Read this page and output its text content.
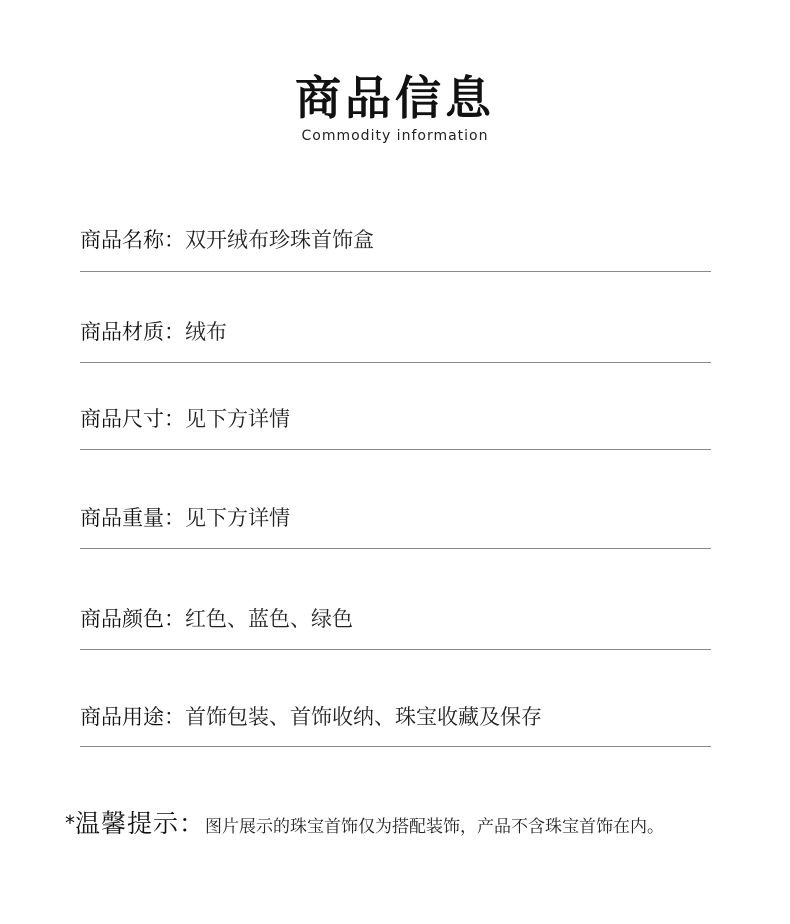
商品信息
Commodity information
商品名称：双开绒布珍珠首饰盒
商品材质：绒布
商品尺寸：见下方详情
商品重量：见下方详情
商品颜色：红色、蓝色、绿色
商品用途：首饰包装、首饰收纳、珠宝收藏及保存
*温馨提示：图片展示的珠宝首饰仅为搭配装饰，产品不含珠宝首饰在内。
